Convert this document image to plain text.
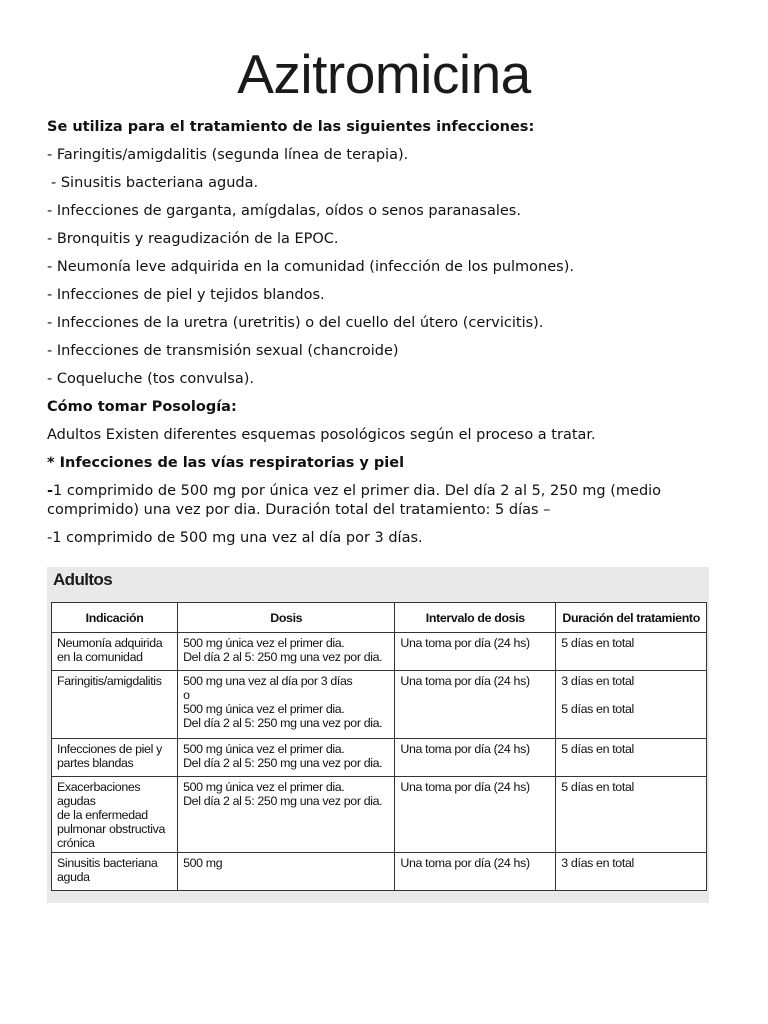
Azitromicina

Se utiliza para el tratamiento de las siguientes infecciones:

- Faringitis/amigdalitis (segunda línea de terapia).

- Sinusitis bacteriana aguda.

- Infecciones de garganta, amígdalas, oídos o senos paranasales.

- Bronquitis y reagudización de la EPOC.

- Neumonía leve adquirida en la comunidad (infección de los pulmones).

- Infecciones de piel y tejidos blandos.

- Infecciones de la uretra (uretritis) o del cuello del útero (cervicitis).

- Infecciones de transmisión sexual (chancroide)

- Coqueluche (tos convulsa).

Cómo tomar Posología:

Adultos Existen diferentes esquemas posológicos según el proceso a tratar.

* Infecciones de las vías respiratorias y piel

-1 comprimido de 500 mg por única vez el primer dia. Del día 2 al 5, 250 mg (medio comprimido) una vez por dia. Duración total del tratamiento: 5 días –

-1 comprimido de 500 mg una vez al día por 3 días.

Adultos
Indicación	Dosis	Intervalo de dosis	Duración del tratamiento

Neumonía adquirida
en la comunidad	500 mg única vez el primer dia.
Del día 2 al 5: 250 mg una vez por dia.	Una toma por día (24 hs)	5 días en total

Faringitis/amigdalitis	500 mg una vez al día por 3 días
o
500 mg única vez el primer dia.
Del día 2 al 5: 250 mg una vez por dia.	Una toma por día (24 hs)	3 días en total
5 días en total

Infecciones de piel y
partes blandas	500 mg única vez el primer dia.
Del día 2 al 5: 250 mg una vez por dia.	Una toma por día (24 hs)	5 días en total

Exacerbaciones agudas
de la enfermedad
pulmonar obstructiva
crónica	500 mg única vez el primer dia.
Del día 2 al 5: 250 mg una vez por dia.	Una toma por día (24 hs)	5 días en total

Sinusitis bacteriana
aguda	500 mg	Una toma por día (24 hs)	3 días en total
